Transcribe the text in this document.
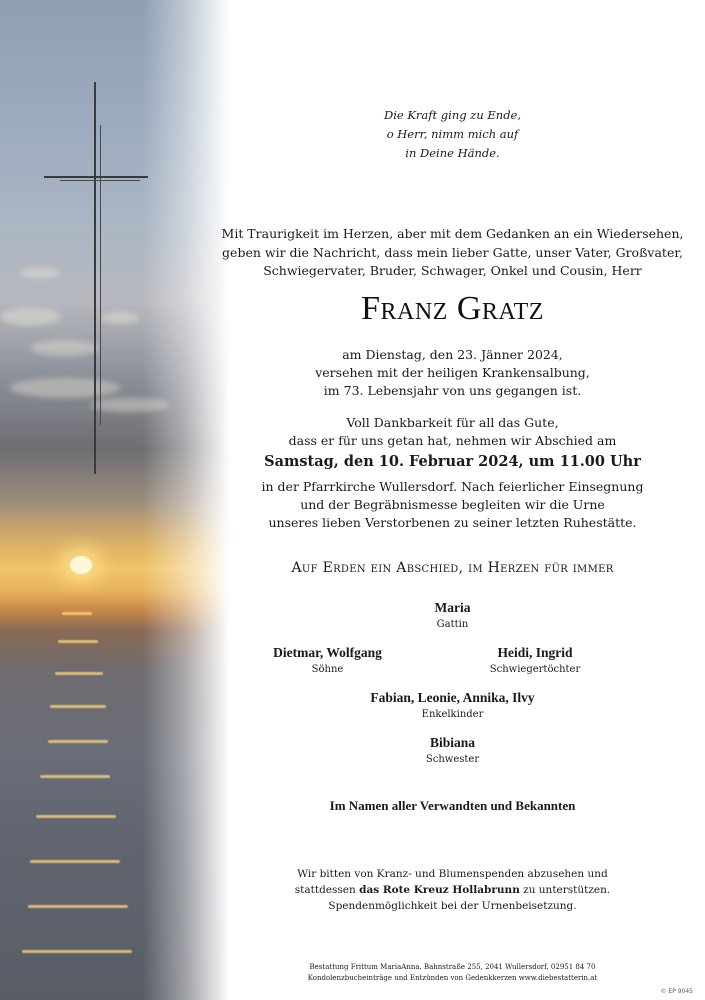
Die Kraft ging zu Ende,
o Herr, nimm mich auf
in Deine Hände.
Mit Traurigkeit im Herzen, aber mit dem Gedanken an ein Wiedersehen,
geben wir die Nachricht, dass mein lieber Gatte, unser Vater, Großvater,
Schwiegervater, Bruder, Schwager, Onkel und Cousin, Herr
Franz Gratz
am Dienstag, den 23. Jänner 2024,
versehen mit der heiligen Krankensalbung,
im 73. Lebensjahr von uns gegangen ist.
Voll Dankbarkeit für all das Gute,
dass er für uns getan hat, nehmen wir Abschied am
Samstag, den 10. Februar 2024, um 11.00 Uhr
in der Pfarrkirche Wullersdorf. Nach feierlicher Einsegnung
und der Begräbnismesse begleiten wir die Urne
unseres lieben Verstorbenen zu seiner letzten Ruhestätte.
Auf Erden ein Abschied, im Herzen für immer
Maria
Gattin
Dietmar, Wolfgang
Söhne
Heidi, Ingrid
Schwiegertöchter
Fabian, Leonie, Annika, Ilvy
Enkelkinder
Bibiana
Schwester
Im Namen aller Verwandten und Bekannten
Wir bitten von Kranz- und Blumenspenden abzusehen und
stattdessen das Rote Kreuz Hollabrunn zu unterstützen.
Spendenmöglichkeit bei der Urnenbeisetzung.
Bestattung Frittum MariaAnna, Bahnstraße 255, 2041 Wullersdorf, 02951 84 70
Kondolenzbucheinträge und Entzünden von Gedenkkerzen www.diebestatterin.at
© EP 9045
